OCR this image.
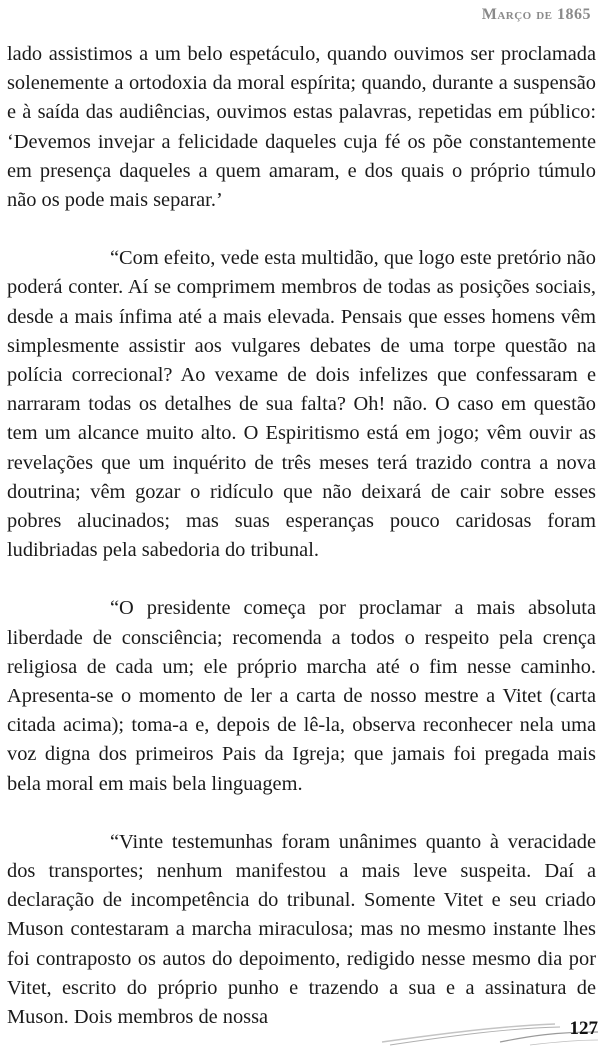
Março de 1865

lado assistimos a um belo espetáculo, quando ouvimos ser proclamada solenemente a ortodoxia da moral espírita; quando, durante a suspensão e à saída das audiências, ouvimos estas palavras, repetidas em público: ‘Devemos invejar a felicidade daqueles cuja fé os põe constantemente em presença daqueles a quem amaram, e dos quais o próprio túmulo não os pode mais separar.’

“Com efeito, vede esta multidão, que logo este pretório não poderá conter. Aí se comprimem membros de todas as posições sociais, desde a mais ínfima até a mais elevada. Pensais que esses homens vêm simplesmente assistir aos vulgares debates de uma torpe questão na polícia correcional? Ao vexame de dois infelizes que confessaram e narraram todas os detalhes de sua falta? Oh! não. O caso em questão tem um alcance muito alto. O Espiritismo está em jogo; vêm ouvir as revelações que um inquérito de três meses terá trazido contra a nova doutrina; vêm gozar o ridículo que não deixará de cair sobre esses pobres alucinados; mas suas esperanças pouco caridosas foram ludibriadas pela sabedoria do tribunal.

“O presidente começa por proclamar a mais absoluta liberdade de consciência; recomenda a todos o respeito pela crença religiosa de cada um; ele próprio marcha até o fim nesse caminho. Apresenta-se o momento de ler a carta de nosso mestre a Vitet (carta citada acima); toma-a e, depois de lê-la, observa reconhecer nela uma voz digna dos primeiros Pais da Igreja; que jamais foi pregada mais bela moral em mais bela linguagem.

“Vinte testemunhas foram unânimes quanto à veracidade dos transportes; nenhum manifestou a mais leve suspeita. Daí a declaração de incompetência do tribunal. Somente Vitet e seu criado Muson contestaram a marcha miraculosa; mas no mesmo instante lhes foi contraposto os autos do depoimento, redigido nesse mesmo dia por Vitet, escrito do próprio punho e trazendo a sua e a assinatura de Muson. Dois membros de nossa

127
